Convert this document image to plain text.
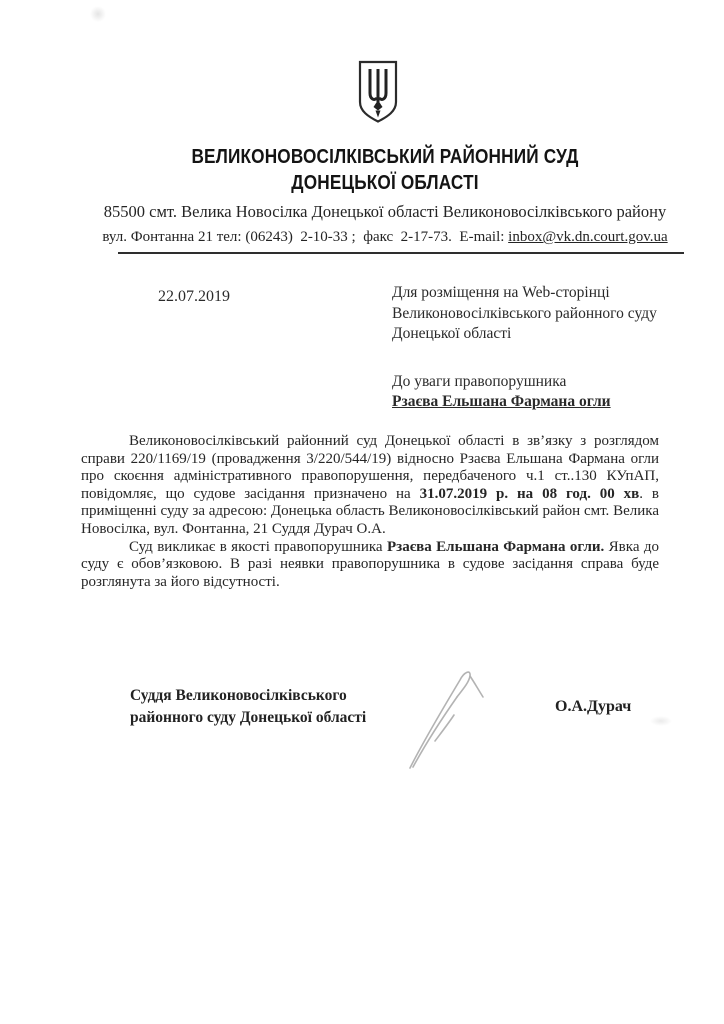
ВЕЛИКОНОВОСІЛКІВСЬКИЙ РАЙОННИЙ СУД
ДОНЕЦЬКОЇ ОБЛАСТІ
85500 смт. Велика Новосілка Донецької області Великоновосілківського району
вул. Фонтанна 21 тел: (06243)  2-10-33 ;  факс  2-17-73.  E-mail: inbox@vk.dn.court.gov.ua
22.07.2019	Для розміщення на Web-сторінці
Великоновосілківського районного суду
Донецької області
До уваги правопорушника
Рзаєва Ельшана Фармана огли

Великоновосілківський районний суд Донецької області в зв’язку з розглядом справи 220/1169/19 (провадження 3/220/544/19) відносно Рзаєва Ельшана Фармана огли про скоєння адміністративного правопорушення, передбаченого ч.1 ст..130 КУпАП, повідомляє, що судове засідання призначено на 31.07.2019 р. на 08 год. 00 хв. в приміщенні суду за адресою: Донецька область Великоновосілківський район смт. Велика Новосілка, вул. Фонтанна, 21 Суддя Дурач О.А.

Суд викликає в якості правопорушника Рзаєва Ельшана Фармана огли. Явка до суду є обов’язковою. В разі неявки правопорушника в судове засідання справа буде розглянута за його відсутності.

Суддя Великоновосілківського
районного суду Донецької області
О.А.Дурач
